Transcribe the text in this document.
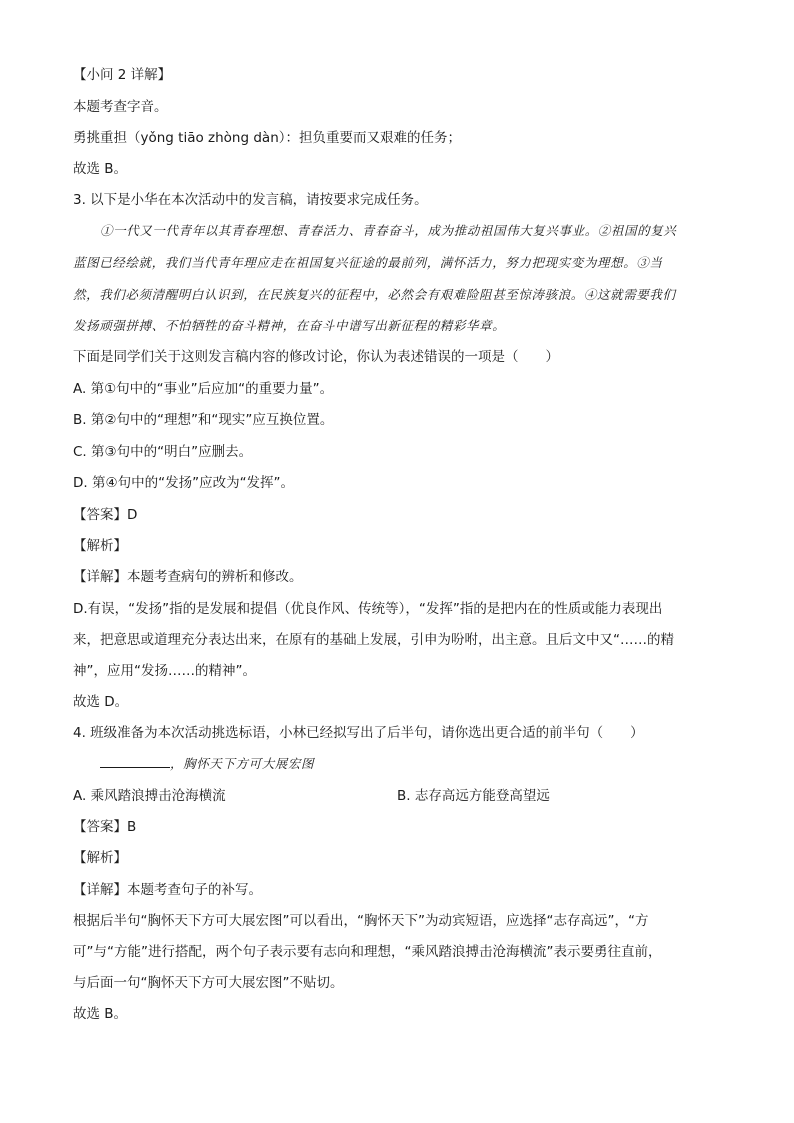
【小问 2 详解】
本题考查字音。
勇挑重担（yǒng tiāo zhòng dàn）：担负重要而又艰难的任务；
故选 B。
3. 以下是小华在本次活动中的发言稿，请按要求完成任务。
①一代又一代青年以其青春理想、青春活力、青春奋斗，成为推动祖国伟大复兴事业。②祖国的复兴
蓝图已经绘就，我们当代青年理应走在祖国复兴征途的最前列，满怀活力，努力把现实变为理想。③当
然，我们必须清醒明白认识到，在民族复兴的征程中，必然会有艰难险阻甚至惊涛骇浪。④这就需要我们
发扬顽强拼搏、不怕牺牲的奋斗精神，在奋斗中谱写出新征程的精彩华章。
下面是同学们关于这则发言稿内容的修改讨论，你认为表述错误的一项是（　　）
A. 第①句中的“事业”后应加“的重要力量”。
B. 第②句中的“理想”和“现实”应互换位置。
C. 第③句中的“明白”应删去。
D. 第④句中的“发扬”应改为“发挥”。
【答案】D
【解析】
【详解】本题考查病句的辨析和修改。
D.有误，“发扬”指的是发展和提倡（优良作风、传统等），“发挥”指的是把内在的性质或能力表现出
来，把意思或道理充分表达出来，在原有的基础上发展，引申为吩咐，出主意。且后文中又“……的精
神”，应用“发扬……的精神”。
故选 D。
4. 班级准备为本次活动挑选标语，小林已经拟写出了后半句，请你选出更合适的前半句（　　）
，胸怀天下方可大展宏图
A. 乘风踏浪搏击沧海横流	B. 志存高远方能登高望远
【答案】B
【解析】
【详解】本题考查句子的补写。
根据后半句“胸怀天下方可大展宏图”可以看出，“胸怀天下”为动宾短语，应选择“志存高远”，“方
可”与“方能”进行搭配，两个句子表示要有志向和理想，“乘风踏浪搏击沧海横流”表示要勇往直前，
与后面一句“胸怀天下方可大展宏图”不贴切。
故选 B。
